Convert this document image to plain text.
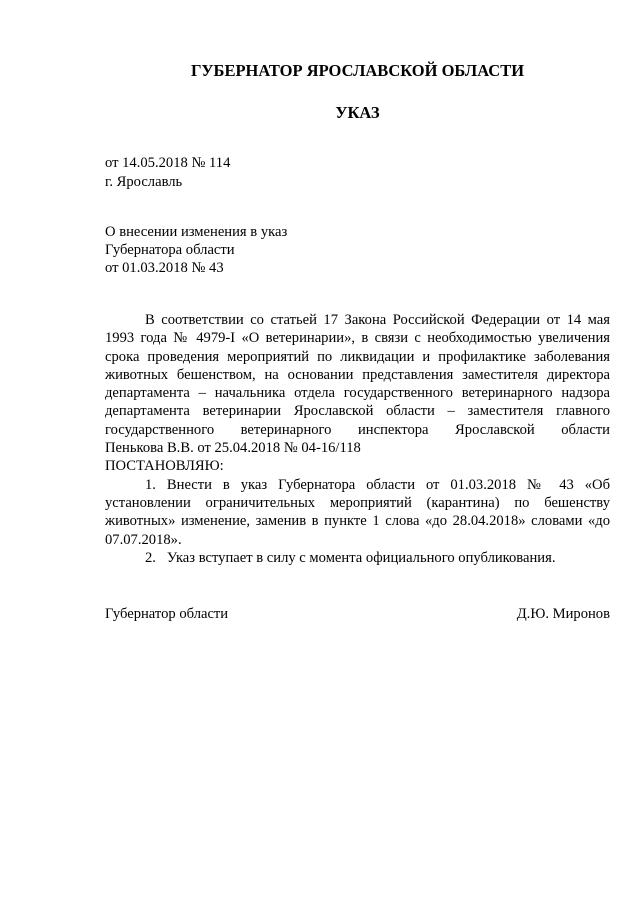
ГУБЕРНАТОР ЯРОСЛАВСКОЙ ОБЛАСТИ
УКАЗ

от 14.05.2018 № 114

г. Ярославль

О внесении изменения в указ

Губернатора области

от 01.03.2018 № 43

В соответствии со статьей 17 Закона Российской Федерации от 14 мая 1993 года № 4979-I «О ветеринарии», в связи с необходимостью увеличения срока проведения мероприятий по ликвидации и профилактике заболевания животных бешенством, на основании представления заместителя директора департамента – начальника отдела государственного ветеринарного надзора департамента ветеринарии Ярославской области – заместителя главного государственного ветеринарного инспектора Ярославской области

Пенькова В.В. от 25.04.2018 № 04-16/118

ПОСТАНОВЛЯЮ:

1. Внести в указ Губернатора области от 01.03.2018 № 43 «Об установлении ограничительных мероприятий (карантина) по бешенству животных» изменение, заменив в пункте 1 слова «до 28.04.2018» словами «до 07.07.2018».

2.   Указ вступает в силу с момента официального опубликования.

Губернатор области	Д.Ю. Миронов
